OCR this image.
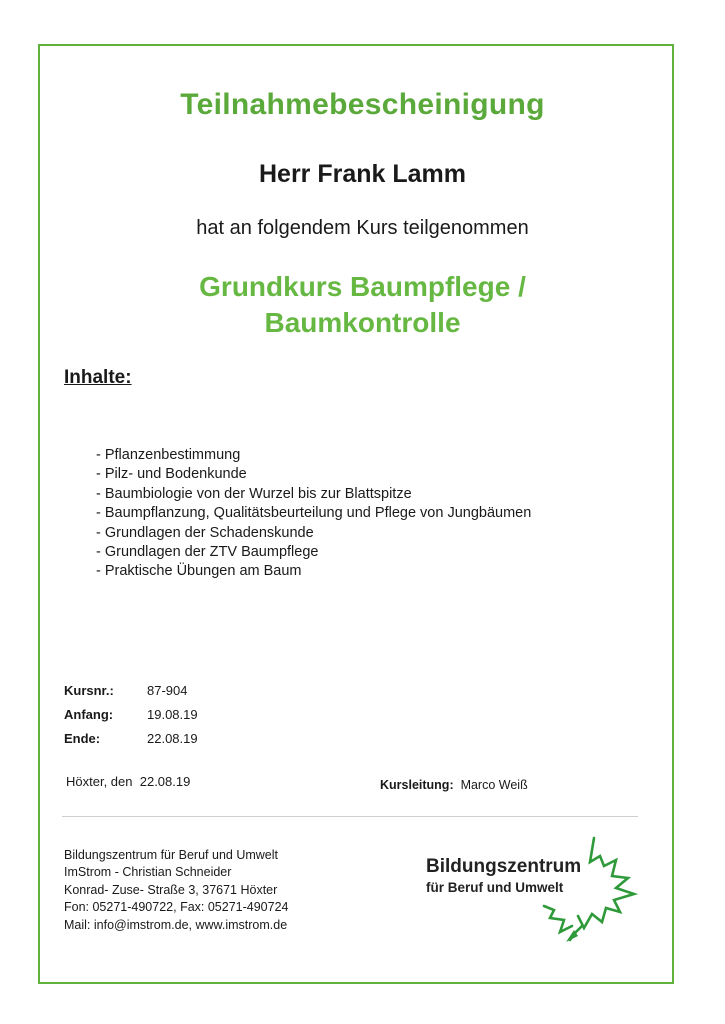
Teilnahmebescheinigung
Herr Frank Lamm
hat an folgendem Kurs teilgenommen
Grundkurs Baumpflege /
Baumkontrolle
Inhalte:
- Pflanzenbestimmung
- Pilz- und Bodenkunde
- Baumbiologie von der Wurzel bis zur Blattspitze
- Baumpflanzung, Qualitätsbeurteilung und Pflege von Jungbäumen
- Grundlagen der Schadenskunde
- Grundlagen der ZTV Baumpflege
- Praktische Übungen am Baum
Kursnr.:	87-904
Anfang:	19.08.19
Ende:	22.08.19
Höxter, den 22.08.19	Kursleitung: Marco Weiß
Bildungszentrum für Beruf und Umwelt
ImStrom - Christian Schneider
Konrad- Zuse- Straße 3, 37671 Höxter
Fon: 05271-490722, Fax: 05271-490724
Mail: info@imstrom.de, www.imstrom.de
Bildungszentrum
für Beruf und Umwelt
